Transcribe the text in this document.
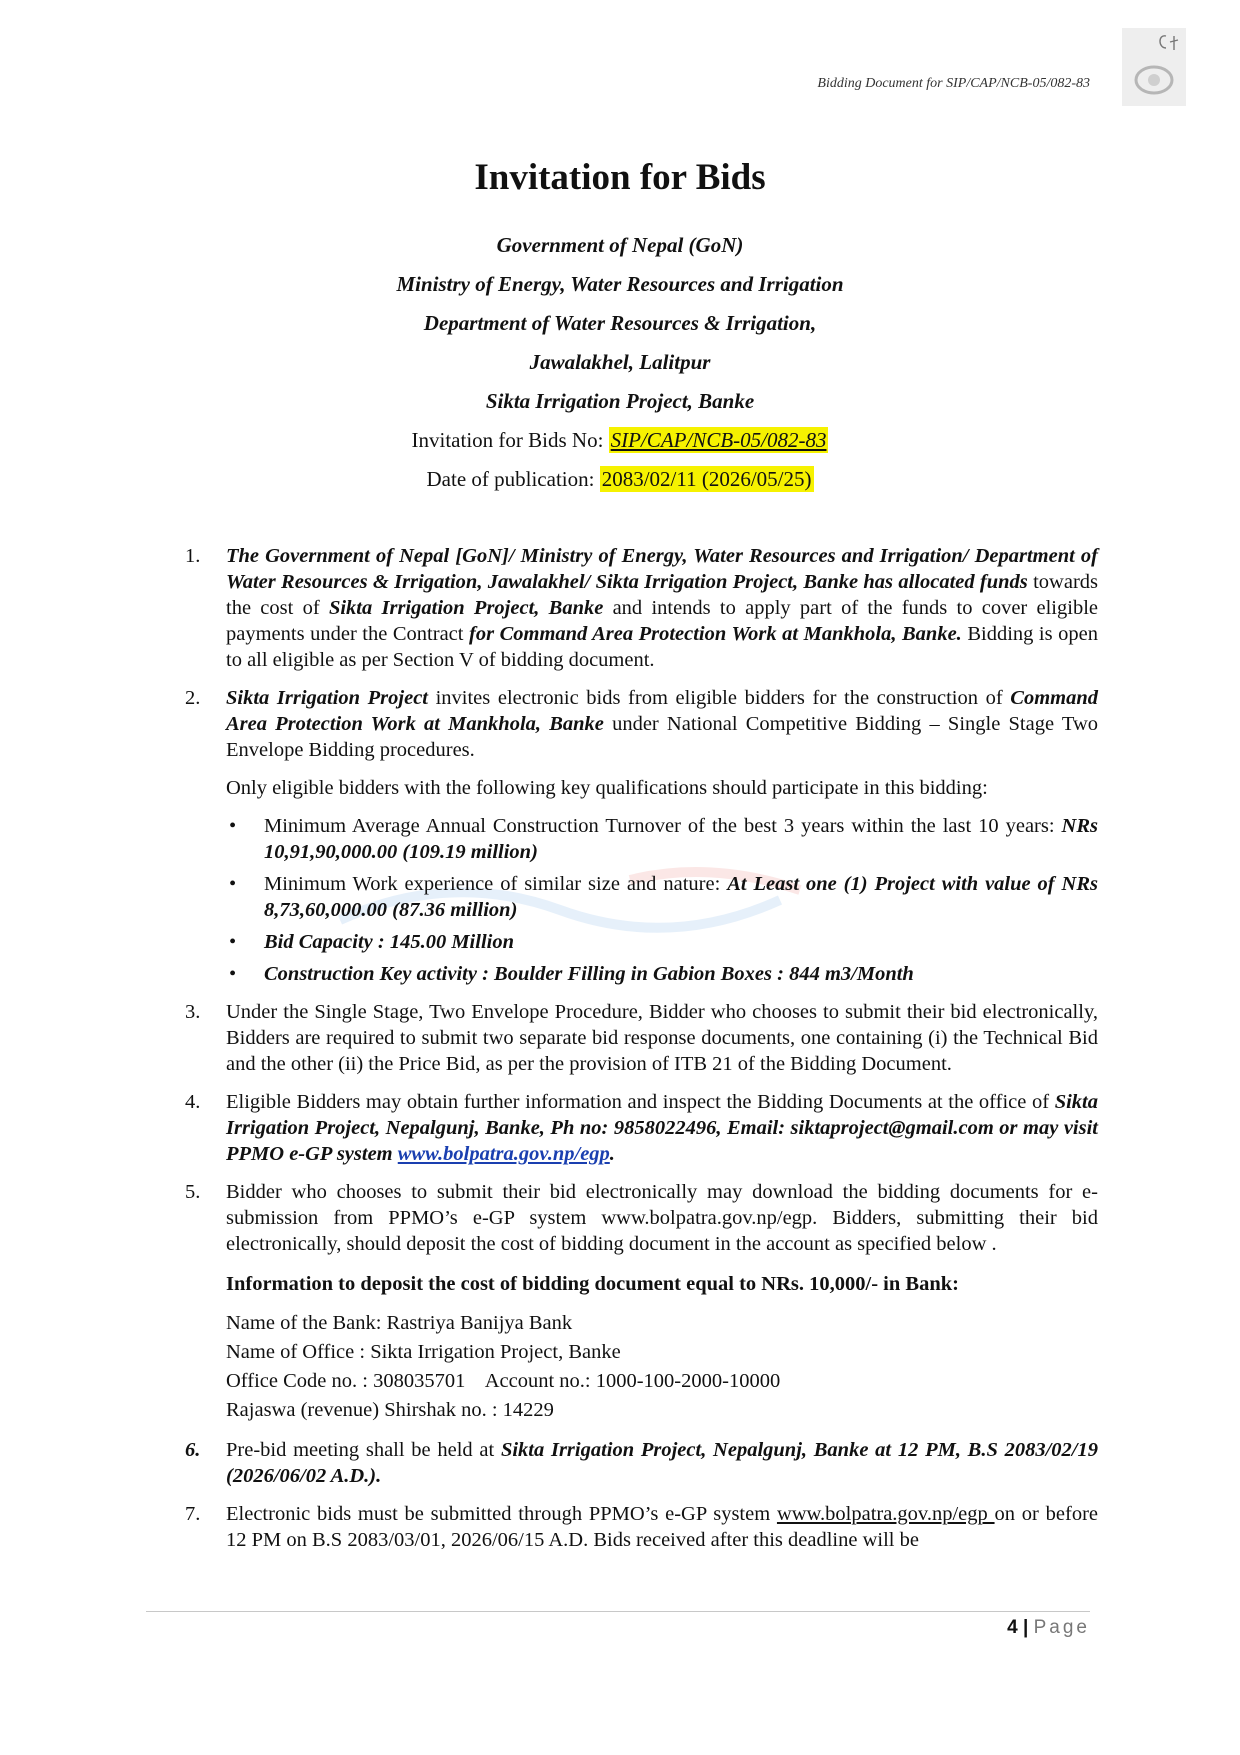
Bidding Document for SIP/CAP/NCB-05/082-83
Invitation for Bids
Government of Nepal (GoN)
Ministry of Energy, Water Resources and Irrigation
Department of Water Resources & Irrigation,
Jawalakhel, Lalitpur
Sikta Irrigation Project, Banke
Invitation for Bids No: SIP/CAP/NCB-05/082-83
Date of publication: 2083/02/11 (2026/05/25)
1. The Government of Nepal [GoN]/ Ministry of Energy, Water Resources and Irrigation/ Department of Water Resources & Irrigation, Jawalakhel/ Sikta Irrigation Project, Banke has allocated funds towards the cost of Sikta Irrigation Project, Banke and intends to apply part of the funds to cover eligible payments under the Contract for Command Area Protection Work at Mankhola, Banke. Bidding is open to all eligible as per Section V of bidding document.
2. Sikta Irrigation Project invites electronic bids from eligible bidders for the construction of Command Area Protection Work at Mankhola, Banke under National Competitive Bidding – Single Stage Two Envelope Bidding procedures.

Only eligible bidders with the following key qualifications should participate in this bidding:

• Minimum Average Annual Construction Turnover of the best 3 years within the last 10 years: NRs 10,91,90,000.00 (109.19 million)
• Minimum Work experience of similar size and nature: At Least one (1) Project with value of NRs 8,73,60,000.00 (87.36 million)
• Bid Capacity : 145.00 Million
• Construction Key activity : Boulder Filling in Gabion Boxes : 844 m3/Month
3. Under the Single Stage, Two Envelope Procedure, Bidder who chooses to submit their bid electronically, Bidders are required to submit two separate bid response documents, one containing (i) the Technical Bid and the other (ii) the Price Bid, as per the provision of ITB 21 of the Bidding Document.
4. Eligible Bidders may obtain further information and inspect the Bidding Documents at the office of Sikta Irrigation Project, Nepalgunj, Banke, Ph no: 9858022496, Email: siktaproject@gmail.com or may visit PPMO e-GP system www.bolpatra.gov.np/egp.
5. Bidder who chooses to submit their bid electronically may download the bidding documents for e-submission from PPMO’s e-GP system www.bolpatra.gov.np/egp. Bidders, submitting their bid electronically, should deposit the cost of bidding document in the account as specified below .
Information to deposit the cost of bidding document equal to NRs. 10,000/- in Bank:

Name of the Bank: Rastriya Banijya Bank

Name of Office : Sikta Irrigation Project, Banke

Office Code no. : 308035701    Account no.: 1000-100-2000-10000

Rajaswa (revenue) Shirshak no. : 14229

6. Pre-bid meeting shall be held at Sikta Irrigation Project, Nepalgunj, Banke at 12 PM, B.S 2083/02/19 (2026/06/02 A.D.).
7. Electronic bids must be submitted through PPMO’s e-GP system www.bolpatra.gov.np/egp on or before 12 PM on B.S 2083/03/01, 2026/06/15 A.D. Bids received after this deadline will be
4 | Page
